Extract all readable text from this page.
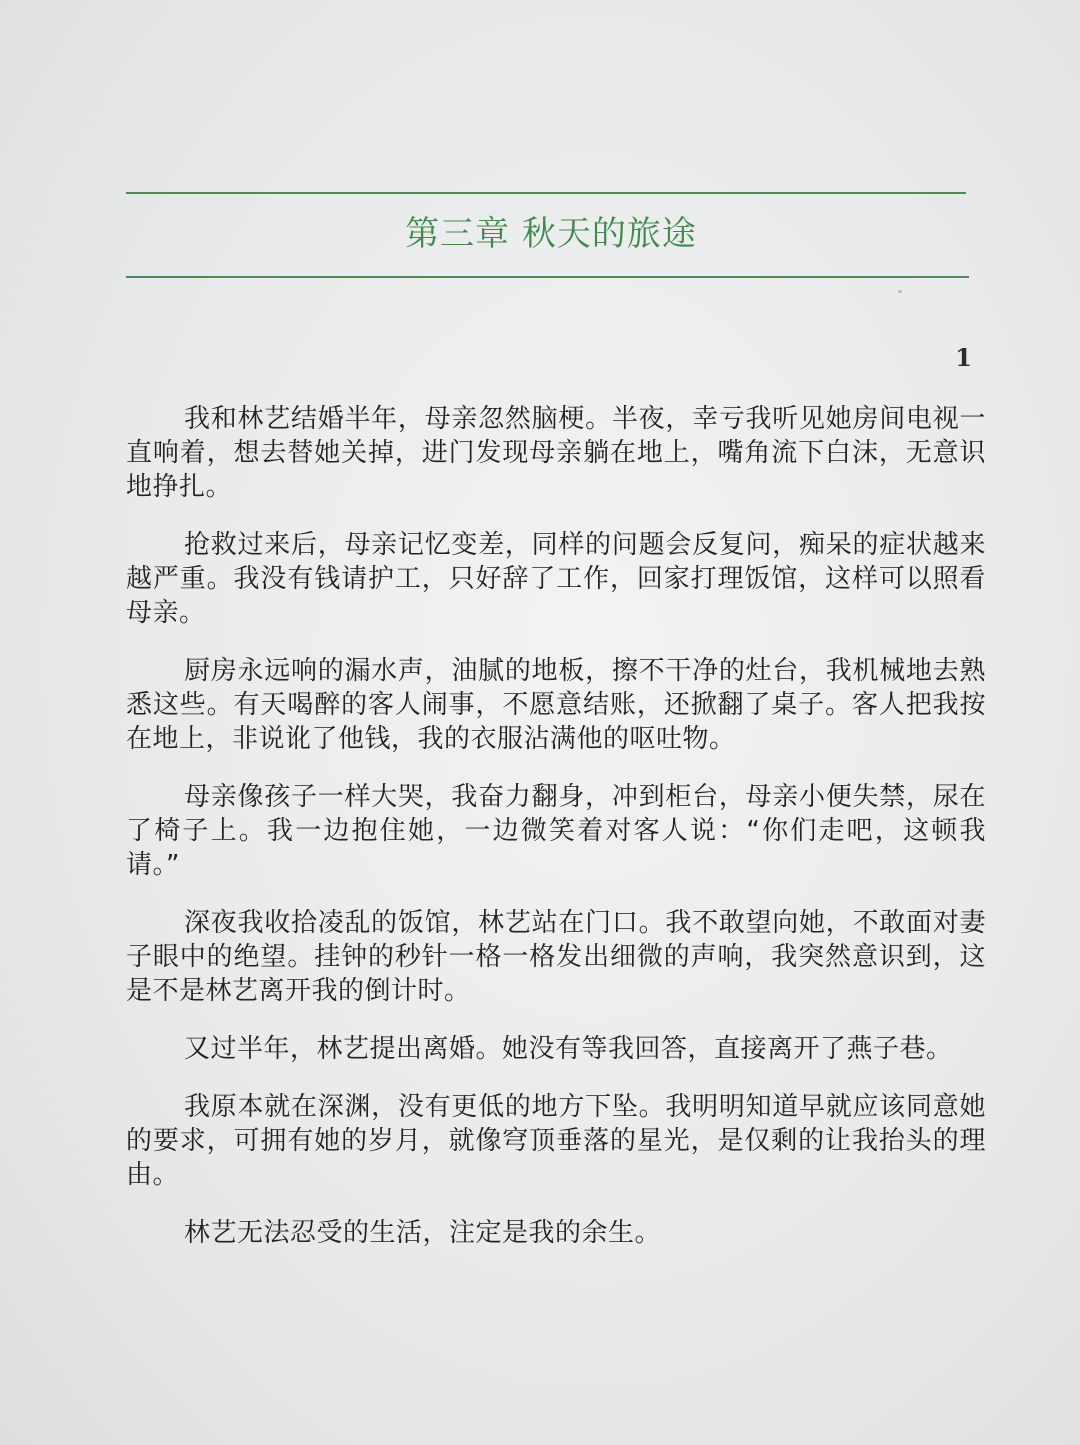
第三章 秋天的旅途
1

我和林艺结婚半年，母亲忽然脑梗。半夜，幸亏我听见她房间电视一直响着，想去替她关掉，进门发现母亲躺在地上，嘴角流下白沫，无意识地挣扎。

抢救过来后，母亲记忆变差，同样的问题会反复问，痴呆的症状越来越严重。我没有钱请护工，只好辞了工作，回家打理饭馆，这样可以照看母亲。

厨房永远响的漏水声，油腻的地板，擦不干净的灶台，我机械地去熟悉这些。有天喝醉的客人闹事，不愿意结账，还掀翻了桌子。客人把我按在地上，非说讹了他钱，我的衣服沾满他的呕吐物。

母亲像孩子一样大哭，我奋力翻身，冲到柜台，母亲小便失禁，尿在了椅子上。我一边抱住她，一边微笑着对客人说：“你们走吧，这顿我请。”

深夜我收拾凌乱的饭馆，林艺站在门口。我不敢望向她，不敢面对妻子眼中的绝望。挂钟的秒针一格一格发出细微的声响，我突然意识到，这是不是林艺离开我的倒计时。

又过半年，林艺提出离婚。她没有等我回答，直接离开了燕子巷。

我原本就在深渊，没有更低的地方下坠。我明明知道早就应该同意她的要求，可拥有她的岁月，就像穹顶垂落的星光，是仅剩的让我抬头的理由。

林艺无法忍受的生活，注定是我的余生。
